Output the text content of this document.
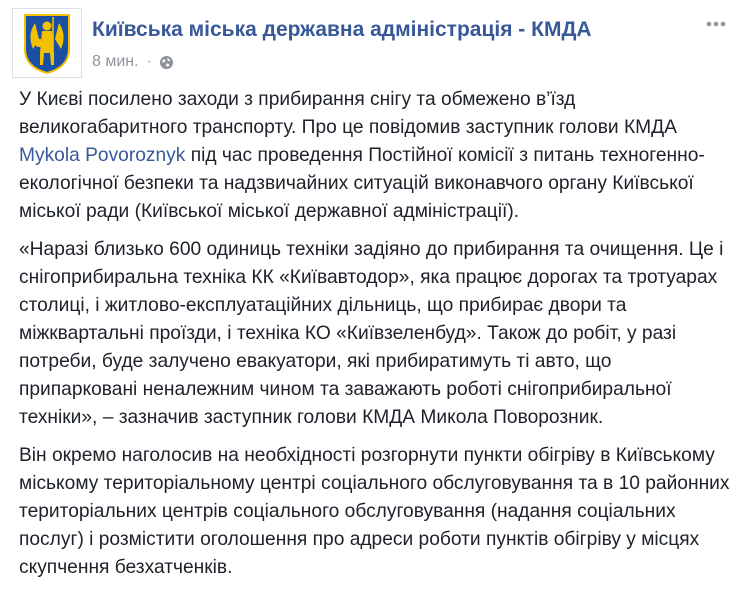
Київська міська державна адміністрація - КМДА
8 мин. ·

У Києві посилено заходи з прибирання снігу та обмежено в’їзд великогабаритного транспорту. Про це повідомив заступник голови КМДА Mykola Povoroznyk під час проведення Постійної комісії з питань техногенно-екологічної безпеки та надзвичайних ситуацій виконавчого органу Київської міської ради (Київської міської державної адміністрації).

«Наразі близько 600 одиниць техніки задіяно до прибирання та очищення. Це і снігоприбиральна техніка КК «Київавтодор», яка працює дорогах та тротуарах столиці, і житлово-експлуатаційних дільниць, що прибирає двори та міжквартальні проїзди, і техніка КО «Київзеленбуд». Також до робіт, у разі потреби, буде залучено евакуатори, які прибиратимуть ті авто, що припарковані неналежним чином та заважають роботі снігоприбиральної техніки», – зазначив заступник голови КМДА Микола Поворозник.

Він окремо наголосив на необхідності розгорнути пункти обігріву в Київському міському територіальному центрі соціального обслуговування та в 10 районних територіальних центрів соціального обслуговування (надання соціальних послуг) і розмістити оголошення про адреси роботи пунктів обігріву у місцях скупчення безхатченків.
